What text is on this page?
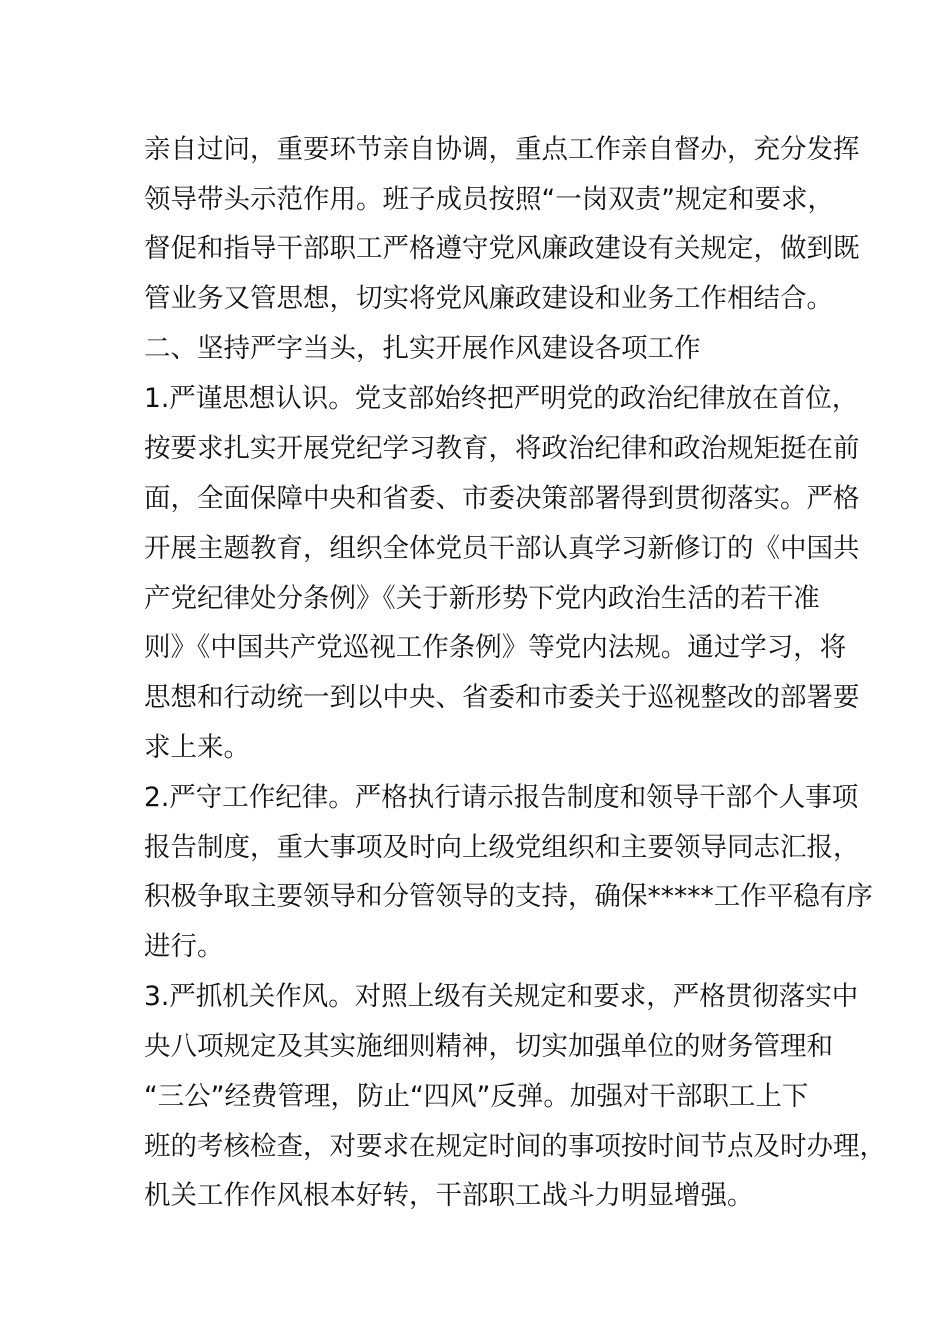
亲自过问，重要环节亲自协调，重点工作亲自督办，充分发挥
领导带头示范作用。班子成员按照“一岗双责”规定和要求，
督促和指导干部职工严格遵守党风廉政建设有关规定，做到既
管业务又管思想，切实将党风廉政建设和业务工作相结合。
二、坚持严字当头，扎实开展作风建设各项工作
1.严谨思想认识。党支部始终把严明党的政治纪律放在首位，
按要求扎实开展党纪学习教育，将政治纪律和政治规矩挺在前
面，全面保障中央和省委、市委决策部署得到贯彻落实。严格
开展主题教育，组织全体党员干部认真学习新修订的《中国共
产党纪律处分条例》《关于新形势下党内政治生活的若干准
则》《中国共产党巡视工作条例》等党内法规。通过学习，将
思想和行动统一到以中央、省委和市委关于巡视整改的部署要
求上来。
2.严守工作纪律。严格执行请示报告制度和领导干部个人事项
报告制度，重大事项及时向上级党组织和主要领导同志汇报，
积极争取主要领导和分管领导的支持，确保*****工作平稳有序
进行。
3.严抓机关作风。对照上级有关规定和要求，严格贯彻落实中
央八项规定及其实施细则精神，切实加强单位的财务管理和
“三公”经费管理，防止“四风”反弹。加强对干部职工上下
班的考核检查，对要求在规定时间的事项按时间节点及时办理，
机关工作作风根本好转，干部职工战斗力明显增强。
